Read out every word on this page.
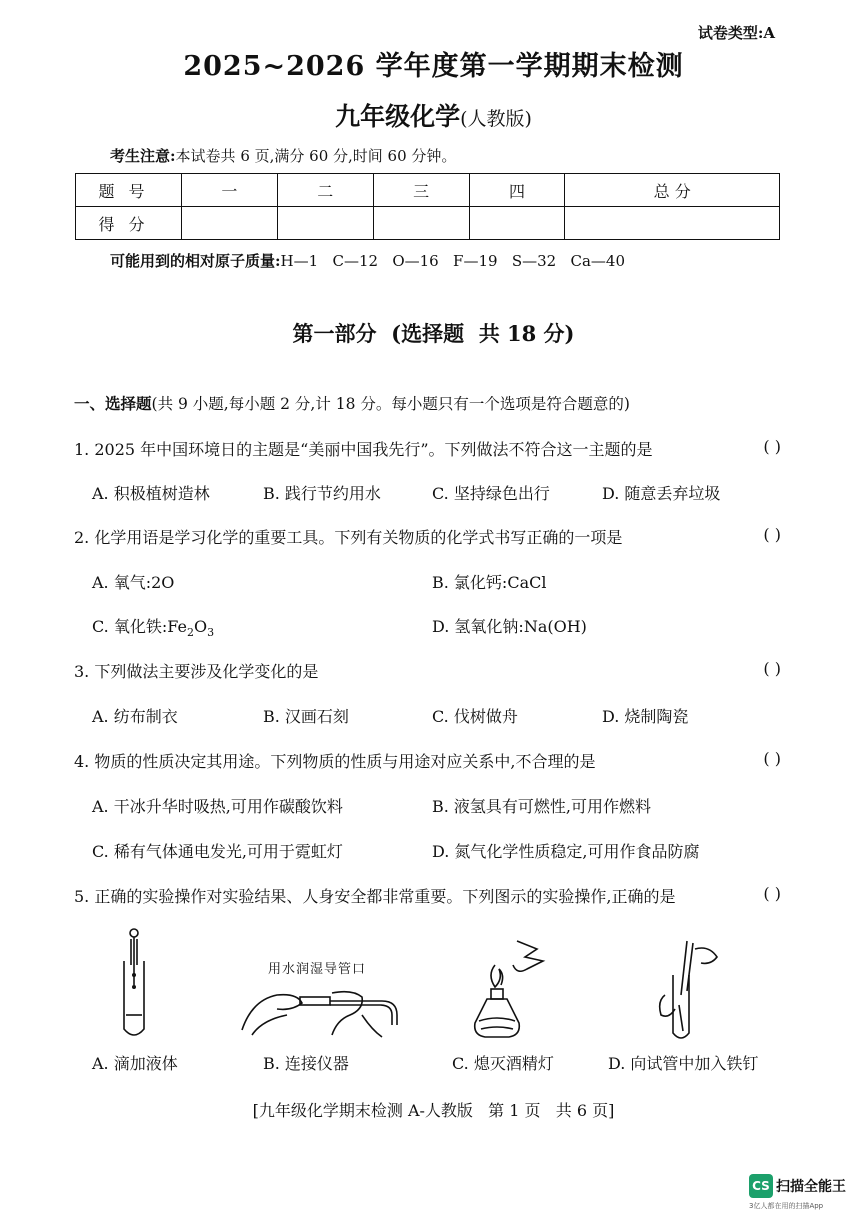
试卷类型:A
2025~2026 学年度第一学期期末检测
九年级化学(人教版)
考生注意:本试卷共 6 页,满分 60 分,时间 60 分钟。
题号	一	二	三	四	总 分
得分					
可能用到的相对原子质量:H—1   C—12   O—16   F—19   S—32   Ca—40
第一部分  (选择题  共 18 分)
一、选择题(共 9 小题,每小题 2 分,计 18 分。每小题只有一个选项是符合题意的)
1. 2025 年中国环境日的主题是“美丽中国我先行”。下列做法不符合这一主题的是	( )
A. 积极植树造林	B. 践行节约用水	C. 坚持绿色出行	D. 随意丢弃垃圾
2. 化学用语是学习化学的重要工具。下列有关物质的化学式书写正确的一项是	( )
A. 氧气:2O	B. 氯化钙:CaCl
C. 氧化铁$:Fe_2O_3$	D. 氢氧化钠:Na(OH)
3. 下列做法主要涉及化学变化的是	( )
A. 纺布制衣	B. 汉画石刻	C. 伐树做舟	D. 烧制陶瓷
4. 物质的性质决定其用途。下列物质的性质与用途对应关系中,不合理的是	( )
A. 干冰升华时吸热,可用作碳酸饮料	B. 液氢具有可燃性,可用作燃料
C. 稀有气体通电发光,可用于霓虹灯	D. 氮气化学性质稳定,可用作食品防腐
5. 正确的实验操作对实验结果、人身安全都非常重要。下列图示的实验操作,正确的是	( )
A. 滴加液体
用水润湿导管口
B. 连接仪器	C. 熄灭酒精灯	D. 向试管中加入铁钉
[九年级化学期末检测 A-人教版   第 1 页   共 6 页]
CS 扫描全能王
3亿人都在用的扫描App
